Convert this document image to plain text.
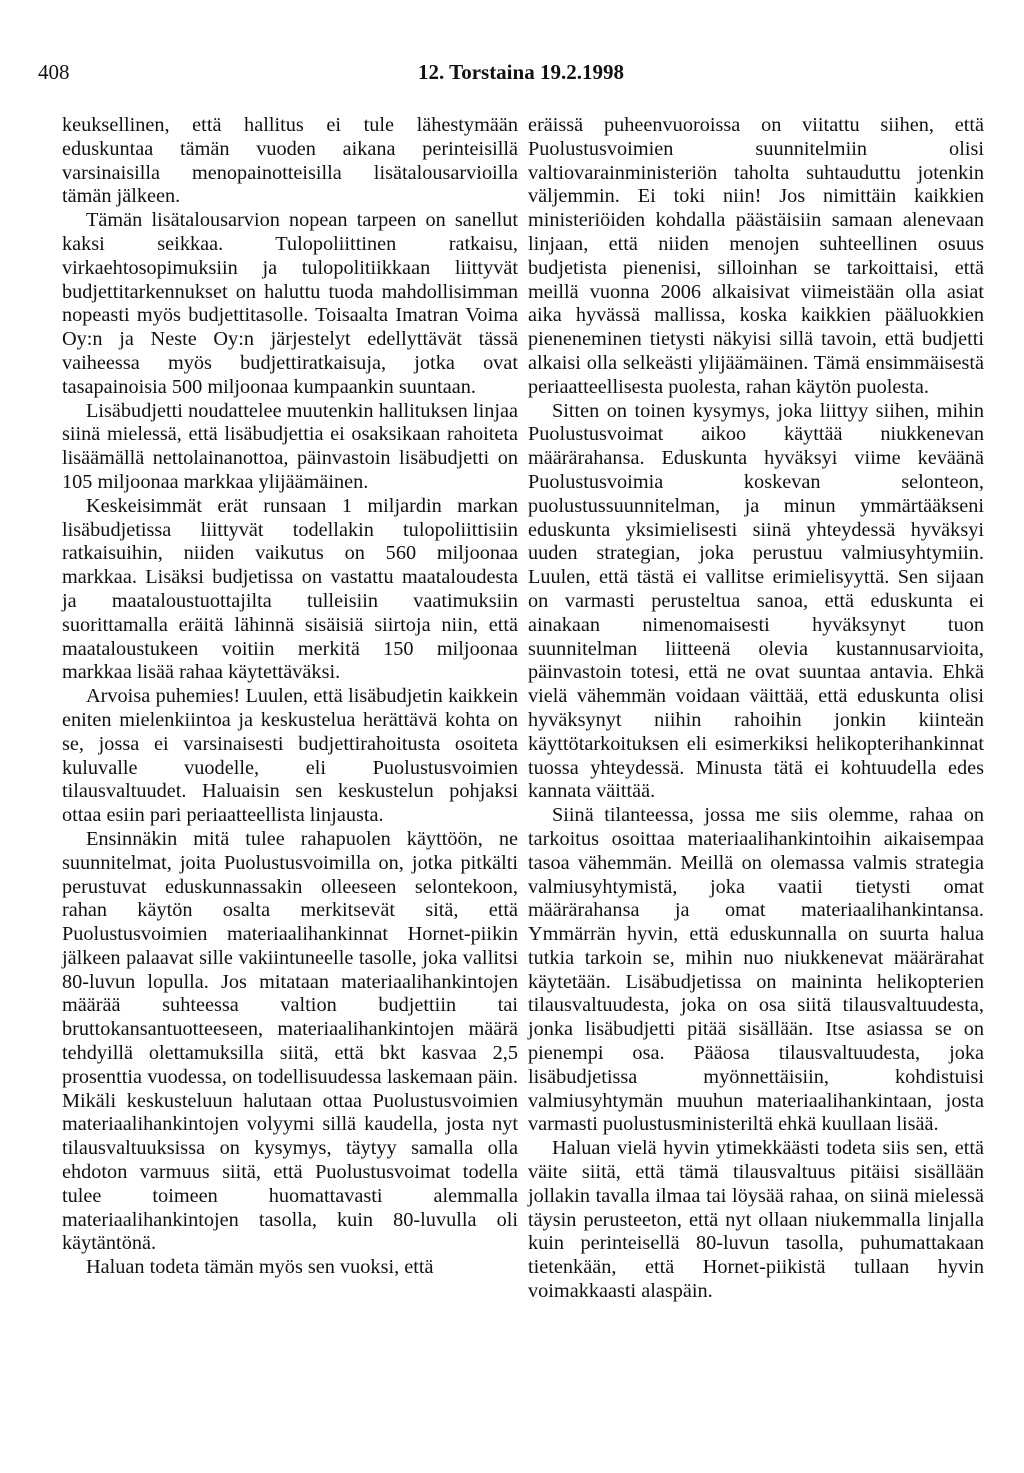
408	12. Torstaina 19.2.1998

keuksellinen, että hallitus ei tule lähestymään eduskuntaa tämän vuoden aikana perinteisillä varsinaisilla menopainotteisilla lisätalousarvioilla tämän jälkeen.

Tämän lisätalousarvion nopean tarpeen on sanellut kaksi seikkaa. Tulopoliittinen ratkaisu, virkaehtosopimuksiin ja tulopolitiikkaan liittyvät budjettitarkennukset on haluttu tuoda mahdollisimman nopeasti myös budjettitasolle. Toisaalta Imatran Voima Oy:n ja Neste Oy:n järjestelyt edellyttävät tässä vaiheessa myös budjettiratkaisuja, jotka ovat tasapainoisia 500 miljoonaa kumpaankin suuntaan.

Lisäbudjetti noudattelee muutenkin hallituksen linjaa siinä mielessä, että lisäbudjettia ei osaksikaan rahoiteta lisäämällä nettolainanottoa, päinvastoin lisäbudjetti on 105 miljoonaa markkaa ylijäämäinen.

Keskeisimmät erät runsaan 1 miljardin markan lisäbudjetissa liittyvät todellakin tulopoliittisiin ratkaisuihin, niiden vaikutus on 560 miljoonaa markkaa. Lisäksi budjetissa on vastattu maataloudesta ja maataloustuottajilta tulleisiin vaatimuksiin suorittamalla eräitä lähinnä sisäisiä siirtoja niin, että maataloustukeen voitiin merkitä 150 miljoonaa markkaa lisää rahaa käytettäväksi.

Arvoisa puhemies! Luulen, että lisäbudjetin kaikkein eniten mielenkiintoa ja keskustelua herättävä kohta on se, jossa ei varsinaisesti budjettirahoitusta osoiteta kuluvalle vuodelle, eli Puolustusvoimien tilausvaltuudet. Haluaisin sen keskustelun pohjaksi ottaa esiin pari periaatteellista linjausta.

Ensinnäkin mitä tulee rahapuolen käyttöön, ne suunnitelmat, joita Puolustusvoimilla on, jotka pitkälti perustuvat eduskunnassakin olleeseen selontekoon, rahan käytön osalta merkitsevät sitä, että Puolustusvoimien materiaalihankinnat Hornet-piikin jälkeen palaavat sille vakiintuneelle tasolle, joka vallitsi 80-luvun lopulla. Jos mitataan materiaalihankintojen määrää suhteessa valtion budjettiin tai bruttokansantuotteeseen, materiaalihankintojen määrä tehdyillä olettamuksilla siitä, että bkt kasvaa 2,5 prosenttia vuodessa, on todellisuudessa laskemaan päin. Mikäli keskusteluun halutaan ottaa Puolustusvoimien materiaalihankintojen volyymi sillä kaudella, josta nyt tilausvaltuuksissa on kysymys, täytyy samalla olla ehdoton varmuus siitä, että Puolustusvoimat todella tulee toimeen huomattavasti alemmalla materiaalihankintojen tasolla, kuin 80-luvulla oli käytäntönä.

Haluan todeta tämän myös sen vuoksi, että

eräissä puheenvuoroissa on viitattu siihen, että Puolustusvoimien suunnitelmiin olisi valtiovarainministeriön taholta suhtauduttu jotenkin väljemmin. Ei toki niin! Jos nimittäin kaikkien ministeriöiden kohdalla päästäisiin samaan alenevaan linjaan, että niiden menojen suhteellinen osuus budjetista pienenisi, silloinhan se tarkoittaisi, että meillä vuonna 2006 alkaisivat viimeistään olla asiat aika hyvässä mallissa, koska kaikkien pääluokkien pieneneminen tietysti näkyisi sillä tavoin, että budjetti alkaisi olla selkeästi ylijäämäinen. Tämä ensimmäisestä periaatteellisesta puolesta, rahan käytön puolesta.

Sitten on toinen kysymys, joka liittyy siihen, mihin Puolustusvoimat aikoo käyttää niukkenevan määrärahansa. Eduskunta hyväksyi viime keväänä Puolustusvoimia koskevan selonteon, puolustussuunnitelman, ja minun ymmärtääkseni eduskunta yksimielisesti siinä yhteydessä hyväksyi uuden strategian, joka perustuu valmiusyhtymiin. Luulen, että tästä ei vallitse erimielisyyttä. Sen sijaan on varmasti perusteltua sanoa, että eduskunta ei ainakaan nimenomaisesti hyväksynyt tuon suunnitelman liitteenä olevia kustannusarvioita, päinvastoin totesi, että ne ovat suuntaa antavia. Ehkä vielä vähemmän voidaan väittää, että eduskunta olisi hyväksynyt niihin rahoihin jonkin kiinteän käyttötarkoituksen eli esimerkiksi helikopterihankinnat tuossa yhteydessä. Minusta tätä ei kohtuudella edes kannata väittää.

Siinä tilanteessa, jossa me siis olemme, rahaa on tarkoitus osoittaa materiaalihankintoihin aikaisempaa tasoa vähemmän. Meillä on olemassa valmis strategia valmiusyhtymistä, joka vaatii tietysti omat määrärahansa ja omat materiaalihankintansa. Ymmärrän hyvin, että eduskunnalla on suurta halua tutkia tarkoin se, mihin nuo niukkenevat määrärahat käytetään. Lisäbudjetissa on maininta helikopterien tilausvaltuudesta, joka on osa siitä tilausvaltuudesta, jonka lisäbudjetti pitää sisällään. Itse asiassa se on pienempi osa. Pääosa tilausvaltuudesta, joka lisäbudjetissa myönnettäisiin, kohdistuisi valmiusyhtymän muuhun materiaalihankintaan, josta varmasti puolustusministeriltä ehkä kuullaan lisää.

Haluan vielä hyvin ytimekkäästi todeta siis sen, että väite siitä, että tämä tilausvaltuus pitäisi sisällään jollakin tavalla ilmaa tai löysää rahaa, on siinä mielessä täysin perusteeton, että nyt ollaan niukemmalla linjalla kuin perinteisellä 80-luvun tasolla, puhumattakaan tietenkään, että Hornet-piikistä tullaan hyvin voimakkaasti alaspäin.
